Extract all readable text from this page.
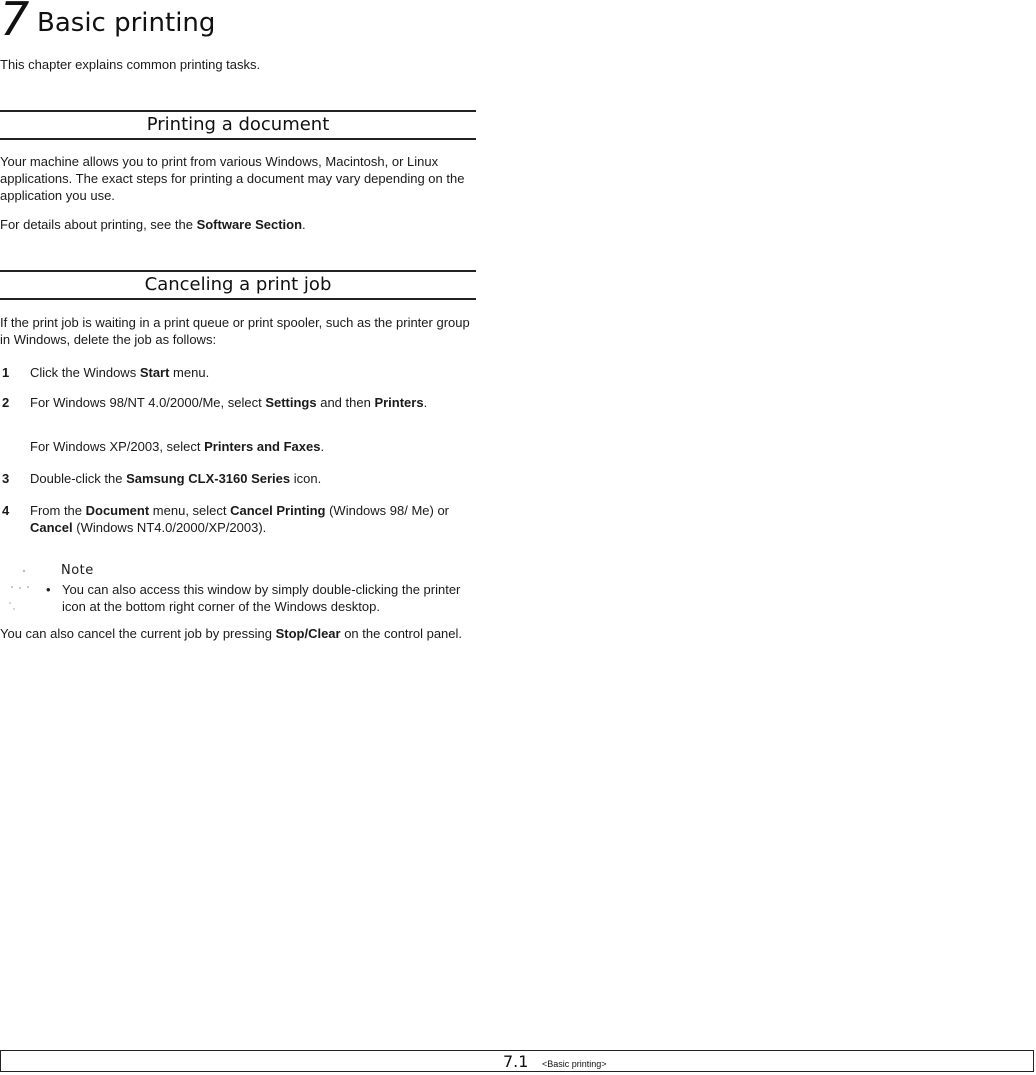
7 Basic printing
This chapter explains common printing tasks.
Printing a document

Your machine allows you to print from various Windows, Macintosh, or Linux applications. The exact steps for printing a document may vary depending on the application you use.

For details about printing, see the Software Section.

Canceling a print job

If the print job is waiting in a print queue or print spooler, such as the printer group in Windows, delete the job as follows:

1 Click the Windows Start menu.
2 For Windows 98/NT 4.0/2000/Me, select Settings and then Printers.
For Windows XP/2003, select Printers and Faxes.
3 Double-click the Samsung CLX-3160 Series icon.
4 From the Document menu, select Cancel Printing (Windows 98/ Me) or Cancel (Windows NT4.0/2000/XP/2003).
Note
• You can also access this window by simply double-clicking the printer icon at the bottom right corner of the Windows desktop.

You can also cancel the current job by pressing Stop/Clear on the control panel.

7.1 <Basic printing>
